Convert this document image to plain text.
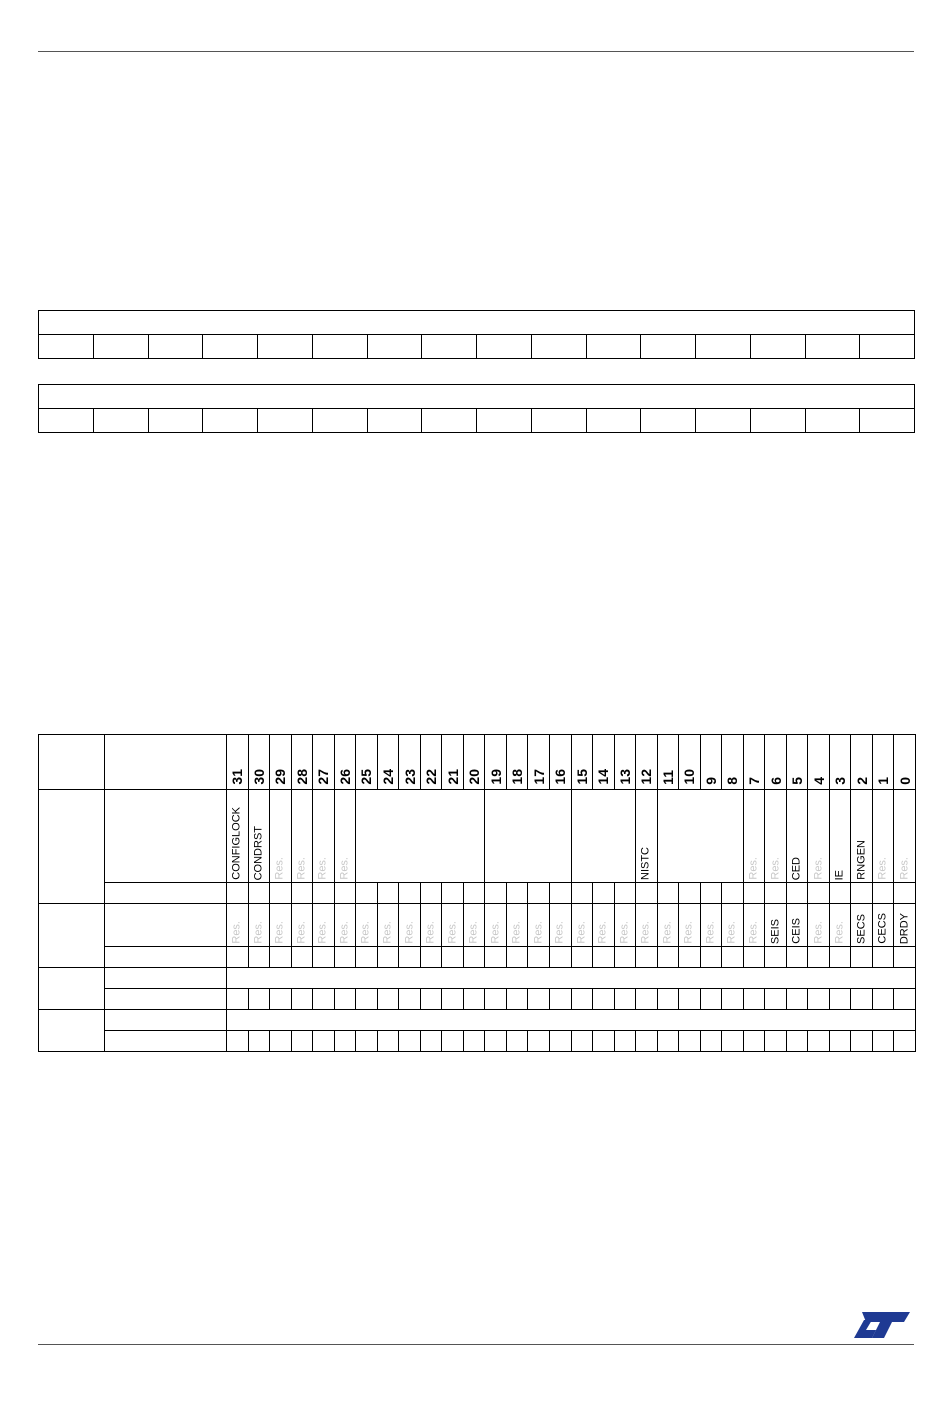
		31	30	29	28	27	26	25	24	23	22	21	20	19	18	17	16	15	14	13	12	11	10	9	8	7	6	5	4	3	2	1	0

		CONFIGLOCK	CONDRST	Res.	Res.	Res.	Res.														NISTC					Res.	Res.	CED	Res.	IE	RNGEN	Res.	Res.

		Res.	Res.	Res.	Res.	Res.	Res.	Res.	Res.	Res.	Res.	Res.	Res.	Res.	Res.	Res.	Res.	Res.	Res.	Res.	Res.	Res.	Res.	Res.	Res.	Res.	SEIS	CEIS	Res.	Res.	SECS	CECS	DRDY
